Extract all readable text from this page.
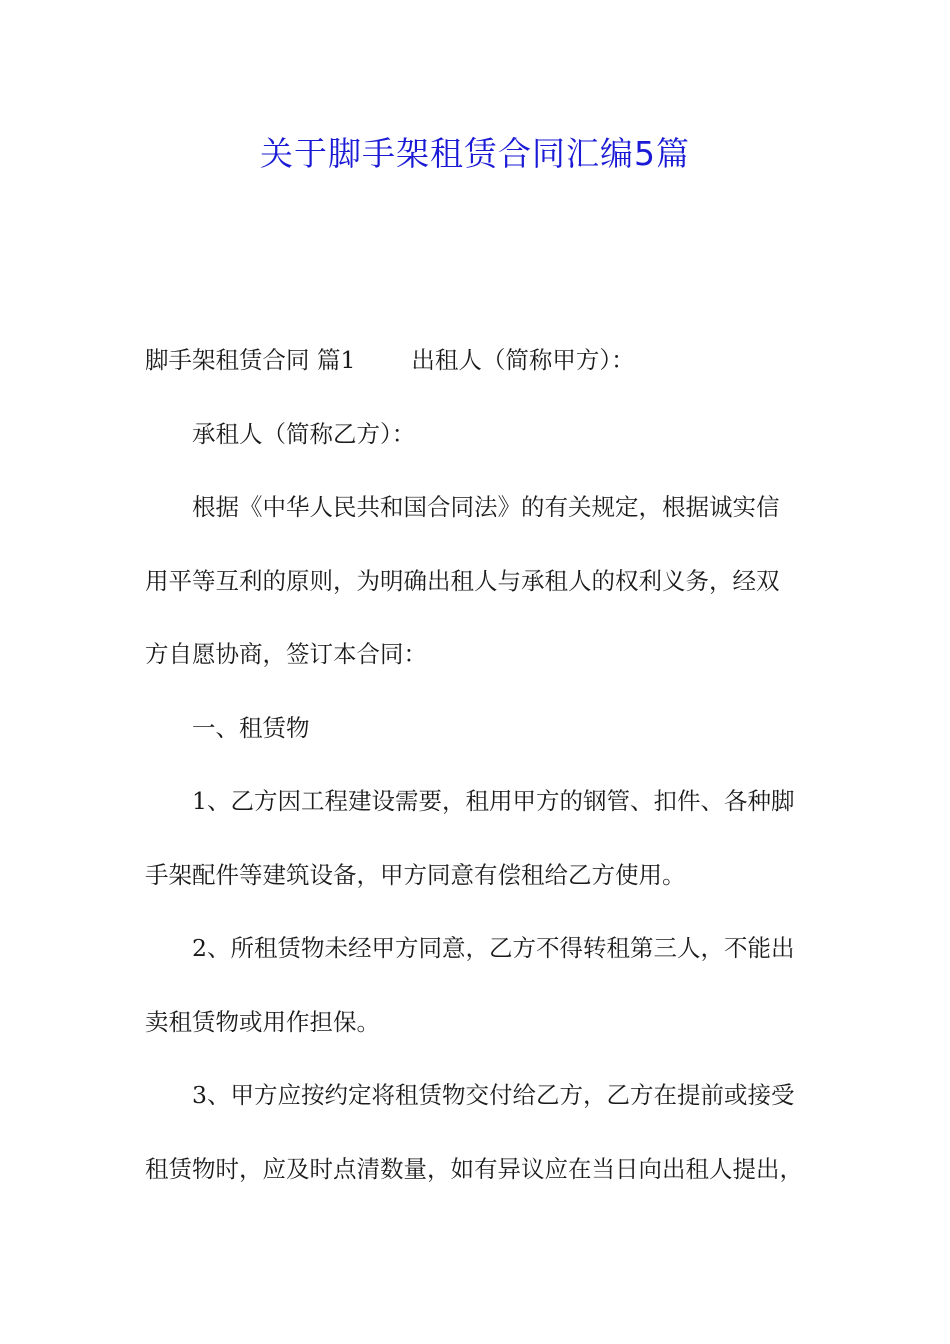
关于脚手架租赁合同汇编5篇
脚手架租赁合同 篇1 出租人（简称甲方）：
承租人（简称乙方）：
根据《中华人民共和国合同法》的有关规定，根据诚实信
用平等互利的原则，为明确出租人与承租人的权利义务，经双
方自愿协商，签订本合同：
一、租赁物
1、乙方因工程建设需要，租用甲方的钢管、扣件、各种脚
手架配件等建筑设备，甲方同意有偿租给乙方使用。
2、所租赁物未经甲方同意，乙方不得转租第三人，不能出
卖租赁物或用作担保。
3、甲方应按约定将租赁物交付给乙方，乙方在提前或接受
租赁物时，应及时点清数量，如有异议应在当日向出租人提出，
